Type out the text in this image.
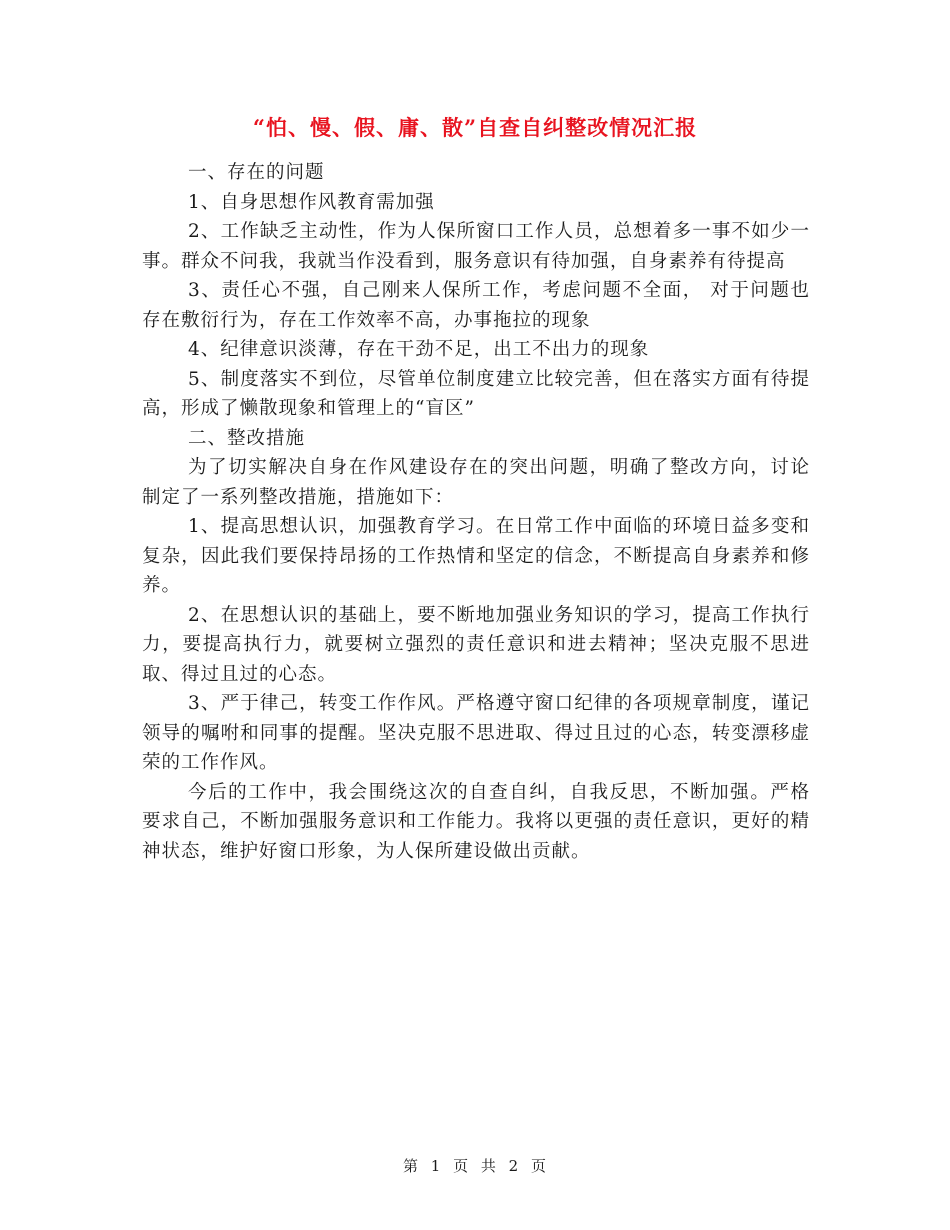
“怕、慢、假、庸、散”自查自纠整改情况汇报

一、存在的问题

1、自身思想作风教育需加强

2、工作缺乏主动性，作为人保所窗口工作人员，总想着多一事不如少一事。群众不问我，我就当作没看到，服务意识有待加强，自身素养有待提高

3、责任心不强，自己刚来人保所工作，考虑问题不全面， 对于问题也存在敷衍行为，存在工作效率不高，办事拖拉的现象

4、纪律意识淡薄，存在干劲不足，出工不出力的现象

5、制度落实不到位，尽管单位制度建立比较完善，但在落实方面有待提高，形成了懒散现象和管理上的“盲区”

二、整改措施

为了切实解决自身在作风建设存在的突出问题，明确了整改方向，讨论制定了一系列整改措施，措施如下：

1、提高思想认识，加强教育学习。在日常工作中面临的环境日益多变和复杂，因此我们要保持昂扬的工作热情和坚定的信念，不断提高自身素养和修养。

2、在思想认识的基础上，要不断地加强业务知识的学习，提高工作执行力，要提高执行力，就要树立强烈的责任意识和进去精神；坚决克服不思进取、得过且过的心态。

3、严于律己，转变工作作风。严格遵守窗口纪律的各项规章制度，谨记领导的嘱咐和同事的提醒。坚决克服不思进取、得过且过的心态，转变漂移虚荣的工作作风。

今后的工作中，我会围绕这次的自查自纠，自我反思，不断加强。严格要求自己，不断加强服务意识和工作能力。我将以更强的责任意识，更好的精神状态，维护好窗口形象，为人保所建设做出贡献。

第 1 页 共 2 页
